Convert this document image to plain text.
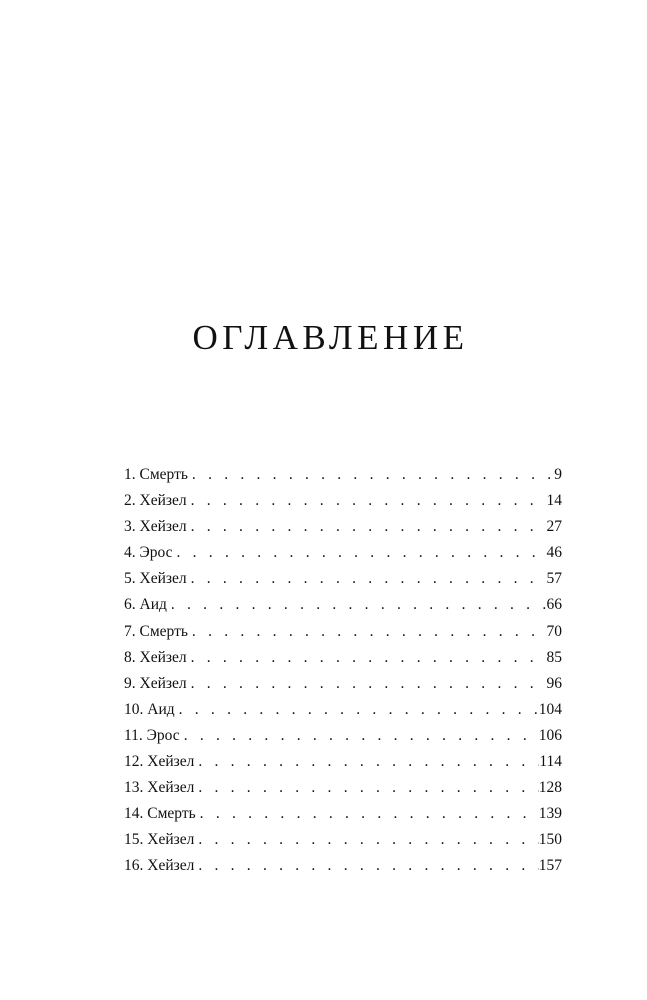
ОГЛАВЛЕНИЕ
1. Смерть . . .	9
2. Хейзел . . .	14
3. Хейзел . . .	27
4. Эрос . . .	46
5. Хейзел . . .	57
6. Аид . . .	66
7. Смерть . . .	70
8. Хейзел . . .	85
9. Хейзел . . .	96
10. Аид . . .	104
11. Эрос . . .	106
12. Хейзел . . .	114
13. Хейзел . . .	128
14. Смерть . . .	139
15. Хейзел . . .	150
16. Хейзел . . .	157
